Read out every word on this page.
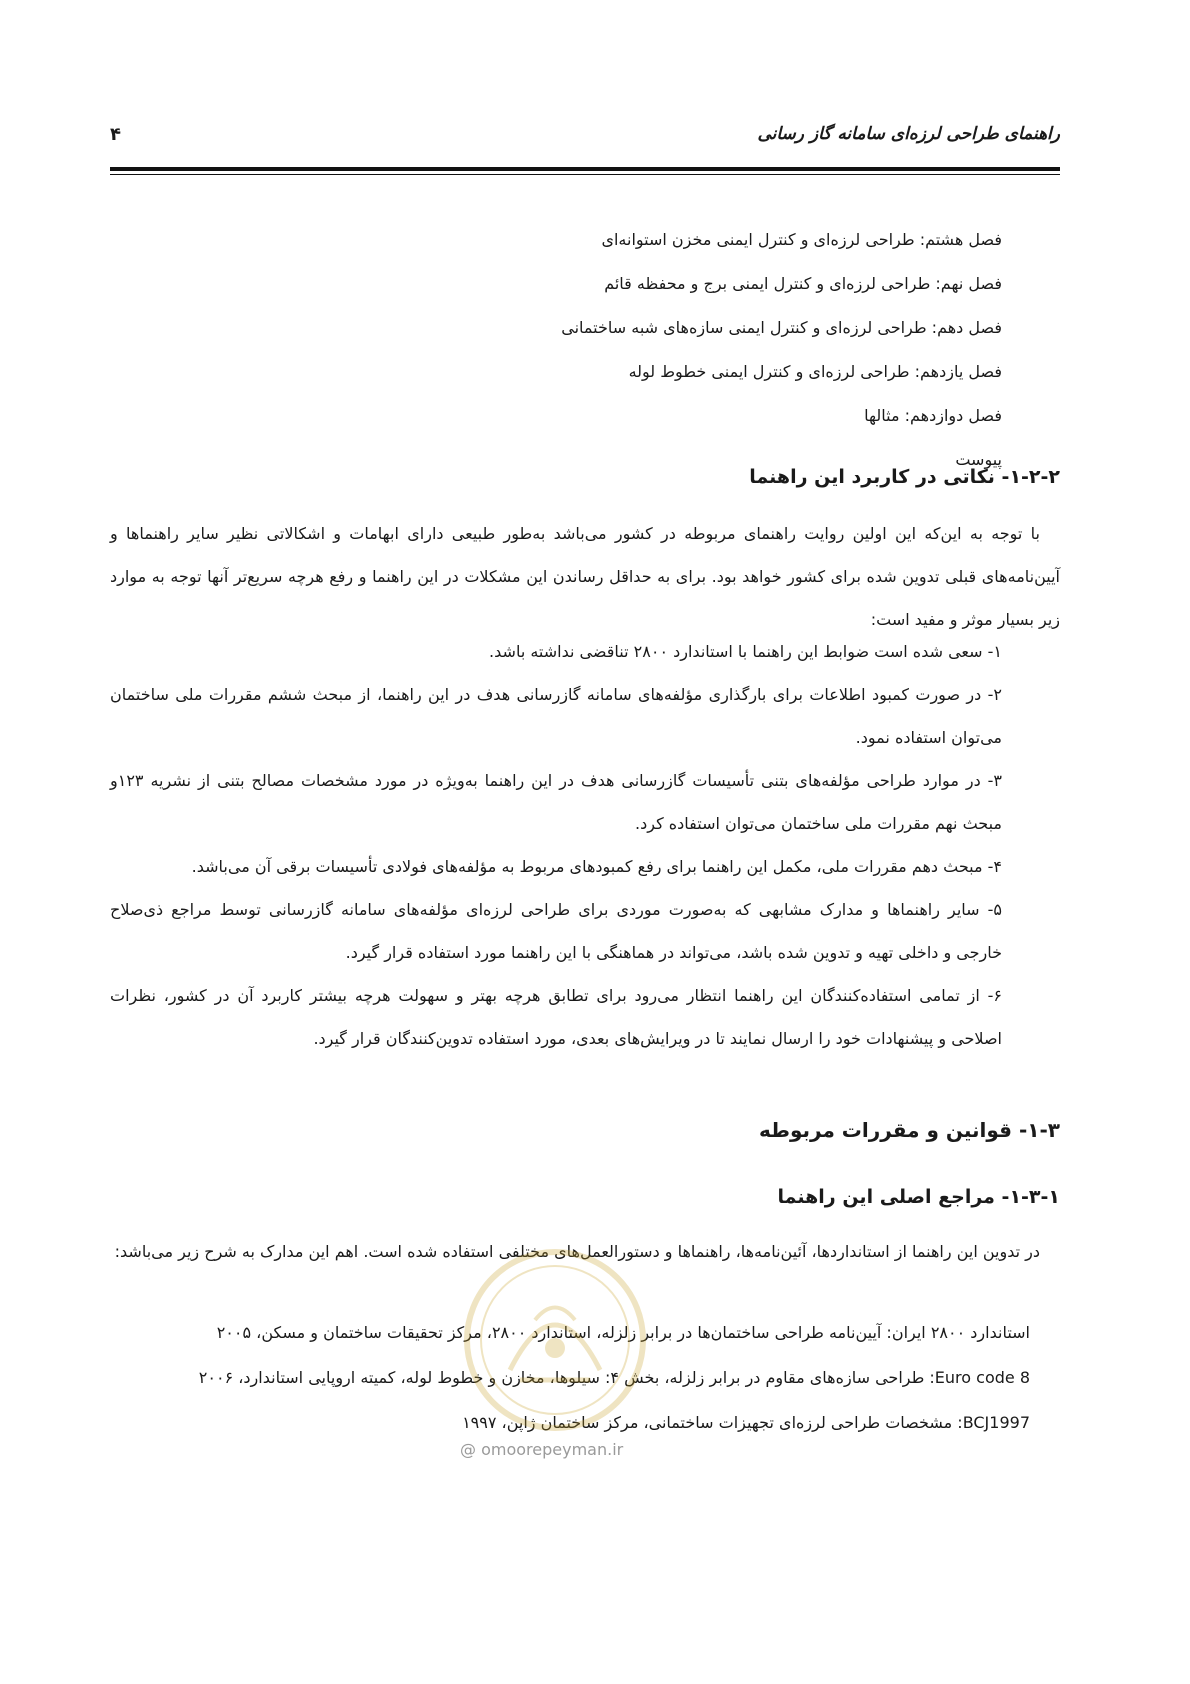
راهنمای طراحی لرزه‌ای سامانه گاز رسانی
۴
فصل هشتم: طراحی لرزه‌ای و کنترل ایمنی مخزن استوانه‌ای
فصل نهم: طراحی لرزه‌ای و کنترل ایمنی برج و محفظه قائم
فصل دهم: طراحی لرزه‌ای و کنترل ایمنی سازه‌های شبه ساختمانی
فصل یازدهم: طراحی لرزه‌ای و کنترل ایمنی خطوط لوله
فصل دوازدهم: مثالها
پیوست
۱-۲-۲- نکاتی در کاربرد این راهنما

با توجه به این‌که این اولین روایت راهنمای مربوطه در کشور می‌باشد به‌طور طبیعی دارای ابهامات و اشکالاتی نظیر سایر راهنماها و آیین‌نامه‌های قبلی تدوین شده برای کشور خواهد بود. برای به حداقل رساندن این مشکلات در این راهنما و رفع هرچه سریع‌تر آنها توجه به موارد زیر بسیار موثر و مفید است:

۱- سعی شده است ضوابط این راهنما با استاندارد ۲۸۰۰ تناقضی نداشته باشد.
۲- در صورت کمبود اطلاعات برای بارگذاری مؤلفه‌های سامانه گازرسانی هدف در این راهنما، از مبحث ششم مقررات ملی ساختمان می‌توان استفاده نمود.
۳- در موارد طراحی مؤلفه‌های بتنی تأسیسات گازرسانی هدف در این راهنما به‌ویژه در مورد مشخصات مصالح بتنی از نشریه ۱۲۳و مبحث نهم مقررات ملی ساختمان می‌توان استفاده کرد.
۴- مبحث دهم مقررات ملی، مکمل این راهنما برای رفع کمبودهای مربوط به مؤلفه‌های فولادی تأسیسات برقی آن می‌باشد.
۵- سایر راهنماها و مدارک مشابهی که به‌صورت موردی برای طراحی لرزه‌ای مؤلفه‌های سامانه گازرسانی توسط مراجع ذی‌صلاح خارجی و داخلی تهیه و تدوین شده باشد، می‌تواند در هماهنگی با این راهنما مورد استفاده قرار گیرد.
۶- از تمامی استفاده‌کنندگان این راهنما انتظار می‌رود برای تطابق هرچه بهتر و سهولت هرچه بیشتر کاربرد آن در کشور، نظرات اصلاحی و پیشنهادات خود را ارسال نمایند تا در ویرایش‌های بعدی، مورد استفاده تدوین‌کنندگان قرار گیرد.
۱-۳- قوانین و مقررات مربوطه
۱-۳-۱- مراجع اصلی این راهنما

در تدوین این راهنما از استانداردها، آئین‌نامه‌ها، راهنماها و دستورالعمل‌های مختلفی استفاده شده است. اهم این مدارک به شرح زیر می‌باشد:

استاندارد ۲۸۰۰ ایران: آیین‌نامه طراحی ساختمان‌ها در برابر زلزله، استاندارد ۲۸۰۰، مرکز تحقیقات ساختمان و مسکن، ۲۰۰۵
Euro code 8: طراحی سازه‌های مقاوم در برابر زلزله، بخش ۴: سیلوها، مخازن و خطوط لوله، کمیته اروپایی استاندارد، ۲۰۰۶
BCJ1997: مشخصات طراحی لرزه‌ای تجهیزات ساختمانی، مرکز ساختمان ژاپن، ۱۹۹۷
@ omoorepeyman.ir
